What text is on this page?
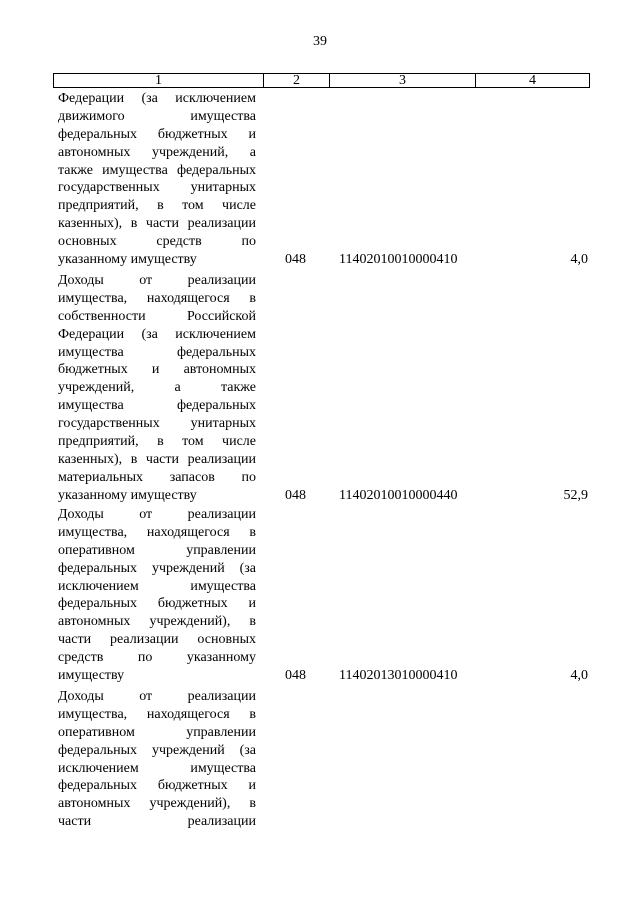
39
1	2	3	4
Федерации (за исключением
движимого имущества
федеральных бюджетных и
автономных учреждений, а
также имущества федеральных
государственных унитарных
предприятий, в том числе
казенных), в части реализации
основных средств по
указанному имуществу	048 11402010010000410	4,0
Доходы от реализации
имущества, находящегося в
собственности Российской
Федерации (за исключением
имущества федеральных
бюджетных и автономных
учреждений, а также
имущества федеральных
государственных унитарных
предприятий, в том числе
казенных), в части реализации
материальных запасов по
указанному имуществу	048 11402010010000440	52,9
Доходы от реализации
имущества, находящегося в
оперативном управлении
федеральных учреждений (за
исключением имущества
федеральных бюджетных и
автономных учреждений), в
части реализации основных
средств по указанному
имуществу	048 11402013010000410	4,0
Доходы от реализации
имущества, находящегося в
оперативном управлении
федеральных учреждений (за
исключением имущества
федеральных бюджетных и
автономных учреждений), в
части реализации
